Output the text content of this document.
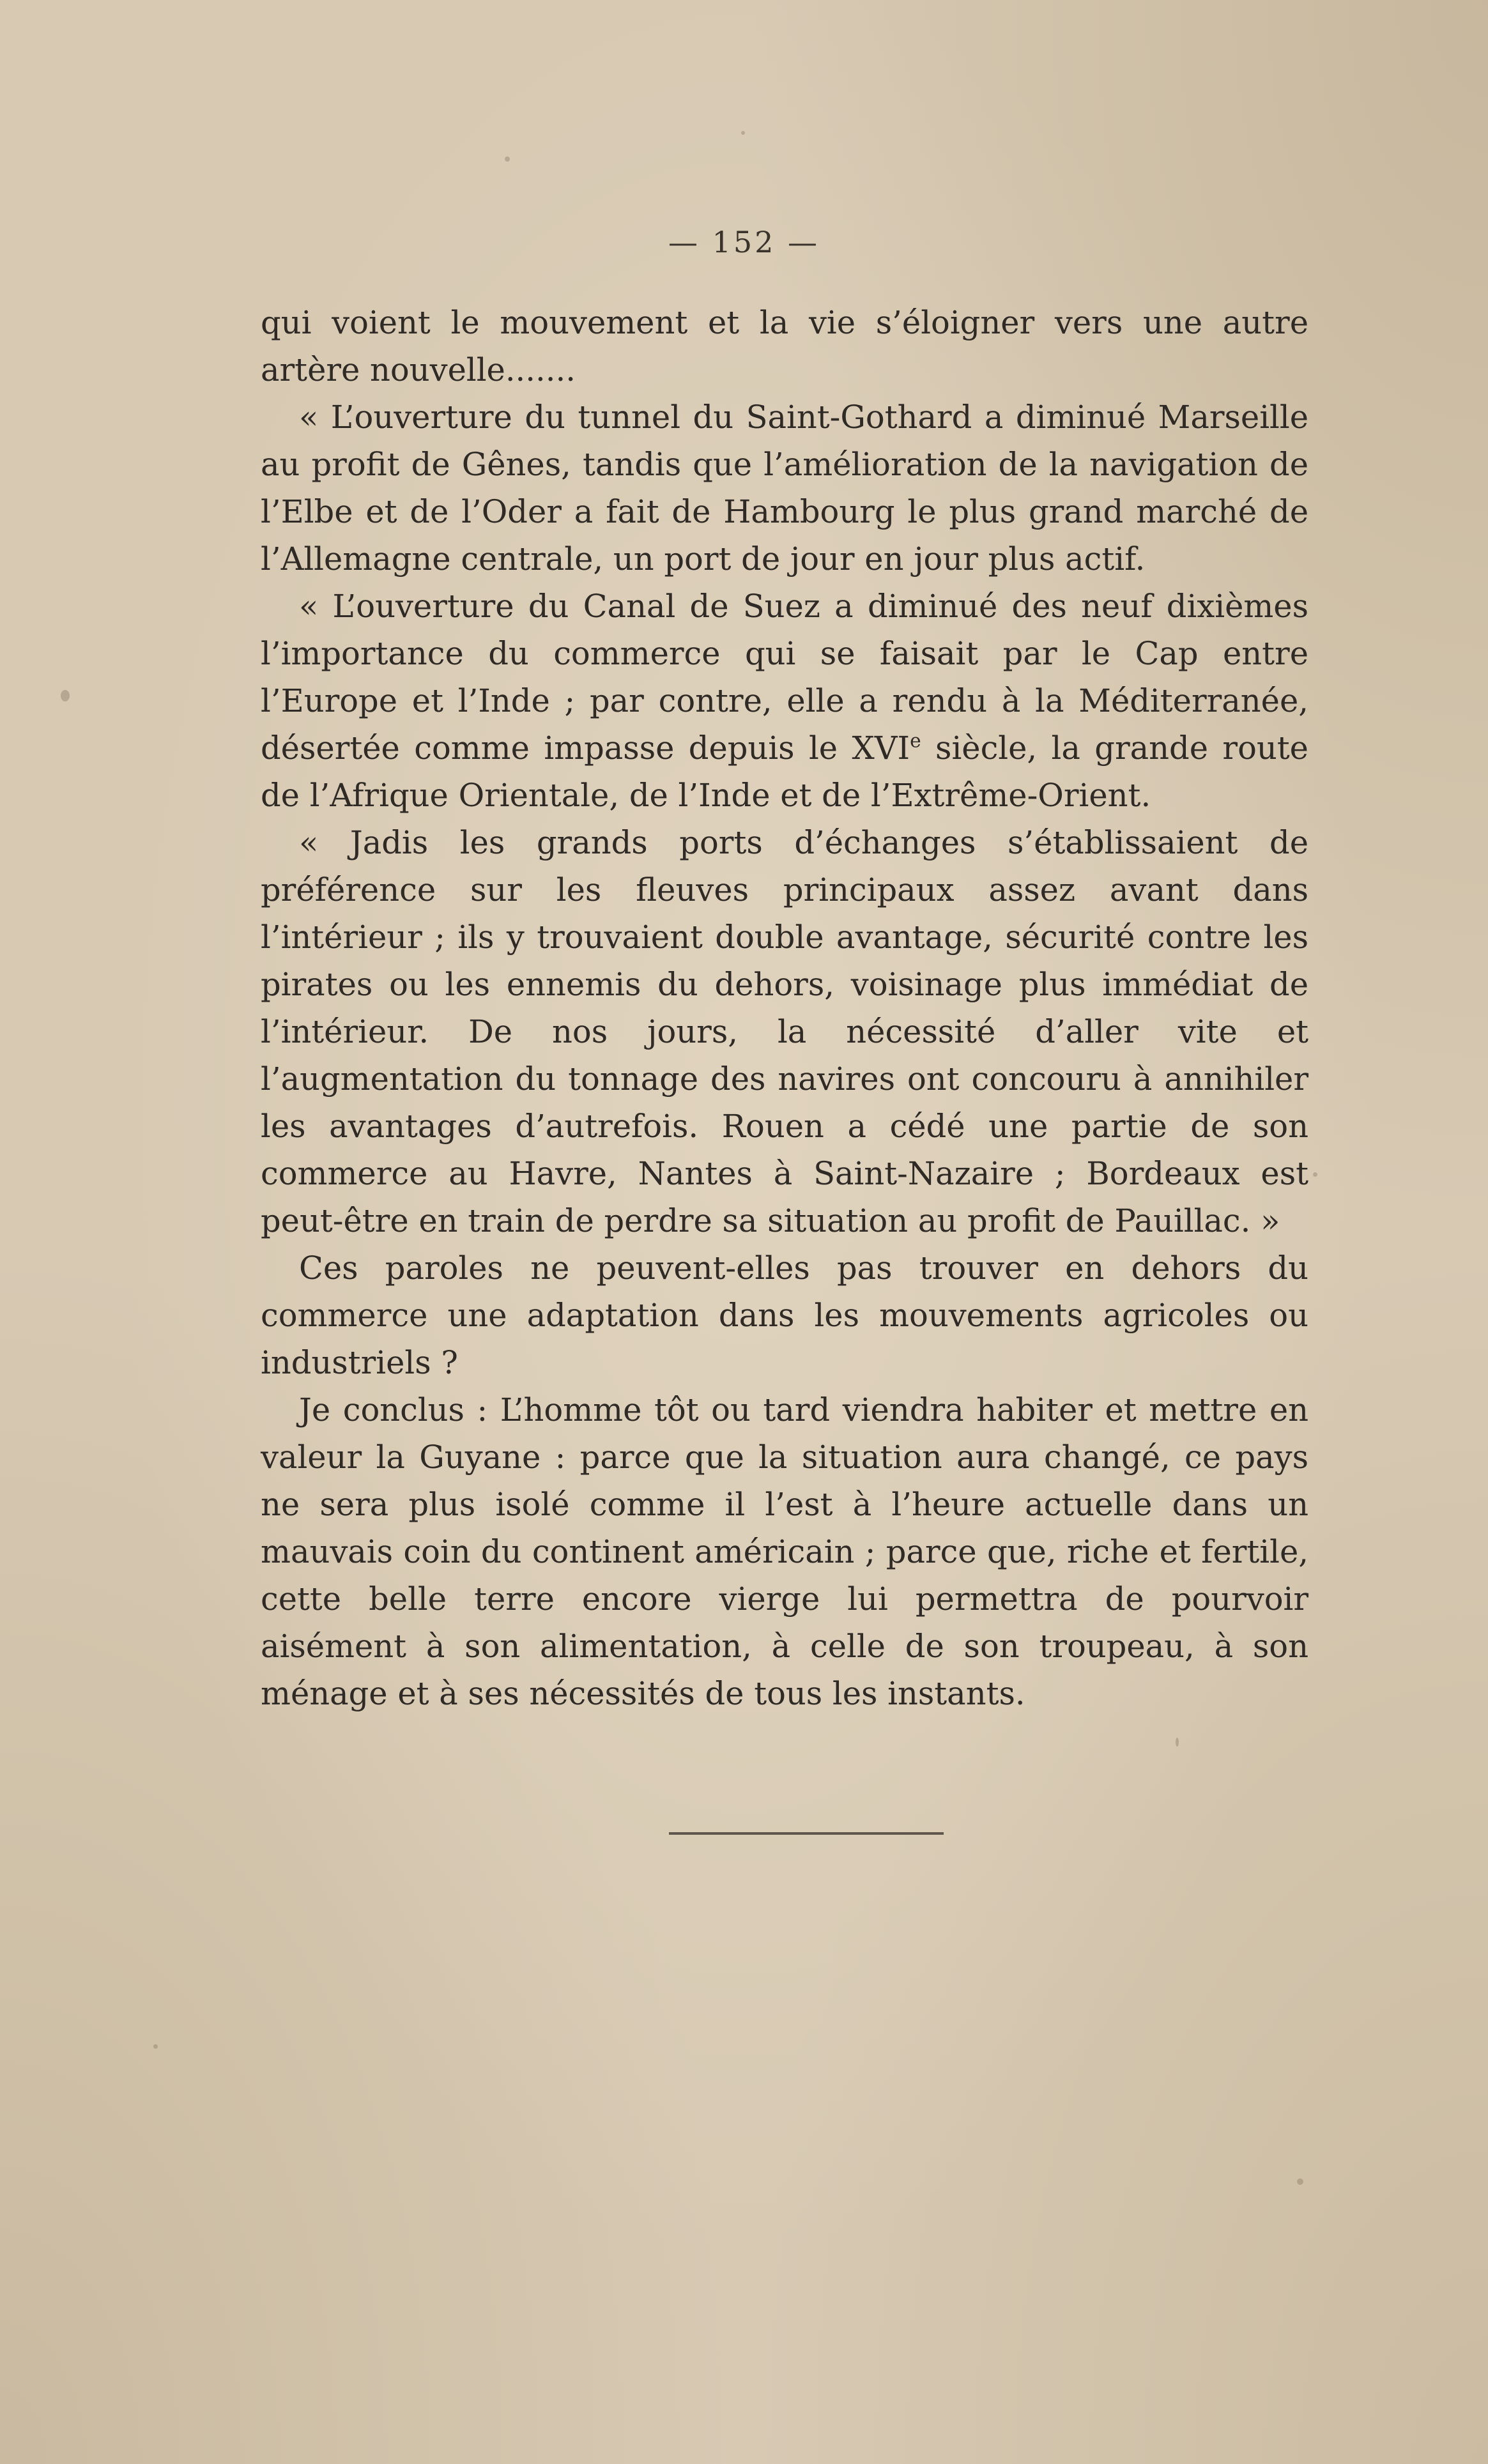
— 152 —

qui voient le mouvement et la vie s’éloigner vers une autre artère nouvelle.......

« L’ouverture du tunnel du Saint-Gothard a diminué Marseille au profit de Gênes, tandis que l’amélioration de la navigation de l’Elbe et de l’Oder a fait de Hambourg le plus grand marché de l’Allemagne centrale, un port de jour en jour plus actif.

« L’ouverture du Canal de Suez a diminué des neuf dixièmes l’importance du commerce qui se faisait par le Cap entre l’Europe et l’Inde ; par contre, elle a rendu à la Méditerranée, désertée comme impasse depuis le XVIe siècle, la grande route de l’Afrique Orientale, de l’Inde et de l’Extrême-Orient.

« Jadis les grands ports d’échanges s’établissaient de préférence sur les fleuves principaux assez avant dans l’intérieur ; ils y trouvaient double avantage, sécurité contre les pirates ou les ennemis du dehors, voisinage plus immédiat de l’intérieur. De nos jours, la nécessité d’aller vite et l’augmentation du tonnage des navires ont concouru à annihiler les avantages d’autrefois. Rouen a cédé une partie de son commerce au Havre, Nantes à Saint-Nazaire ; Bordeaux est peut-être en train de perdre sa situation au profit de Pauillac. »

Ces paroles ne peuvent-elles pas trouver en dehors du commerce une adaptation dans les mouvements agricoles ou industriels ?

Je conclus : L’homme tôt ou tard viendra habiter et mettre en valeur la Guyane : parce que la situation aura changé, ce pays ne sera plus isolé comme il l’est à l’heure actuelle dans un mauvais coin du continent américain ; parce que, riche et fertile, cette belle terre encore vierge lui permettra de pourvoir aisément à son alimentation, à celle de son troupeau, à son ménage et à ses nécessités de tous les instants.
